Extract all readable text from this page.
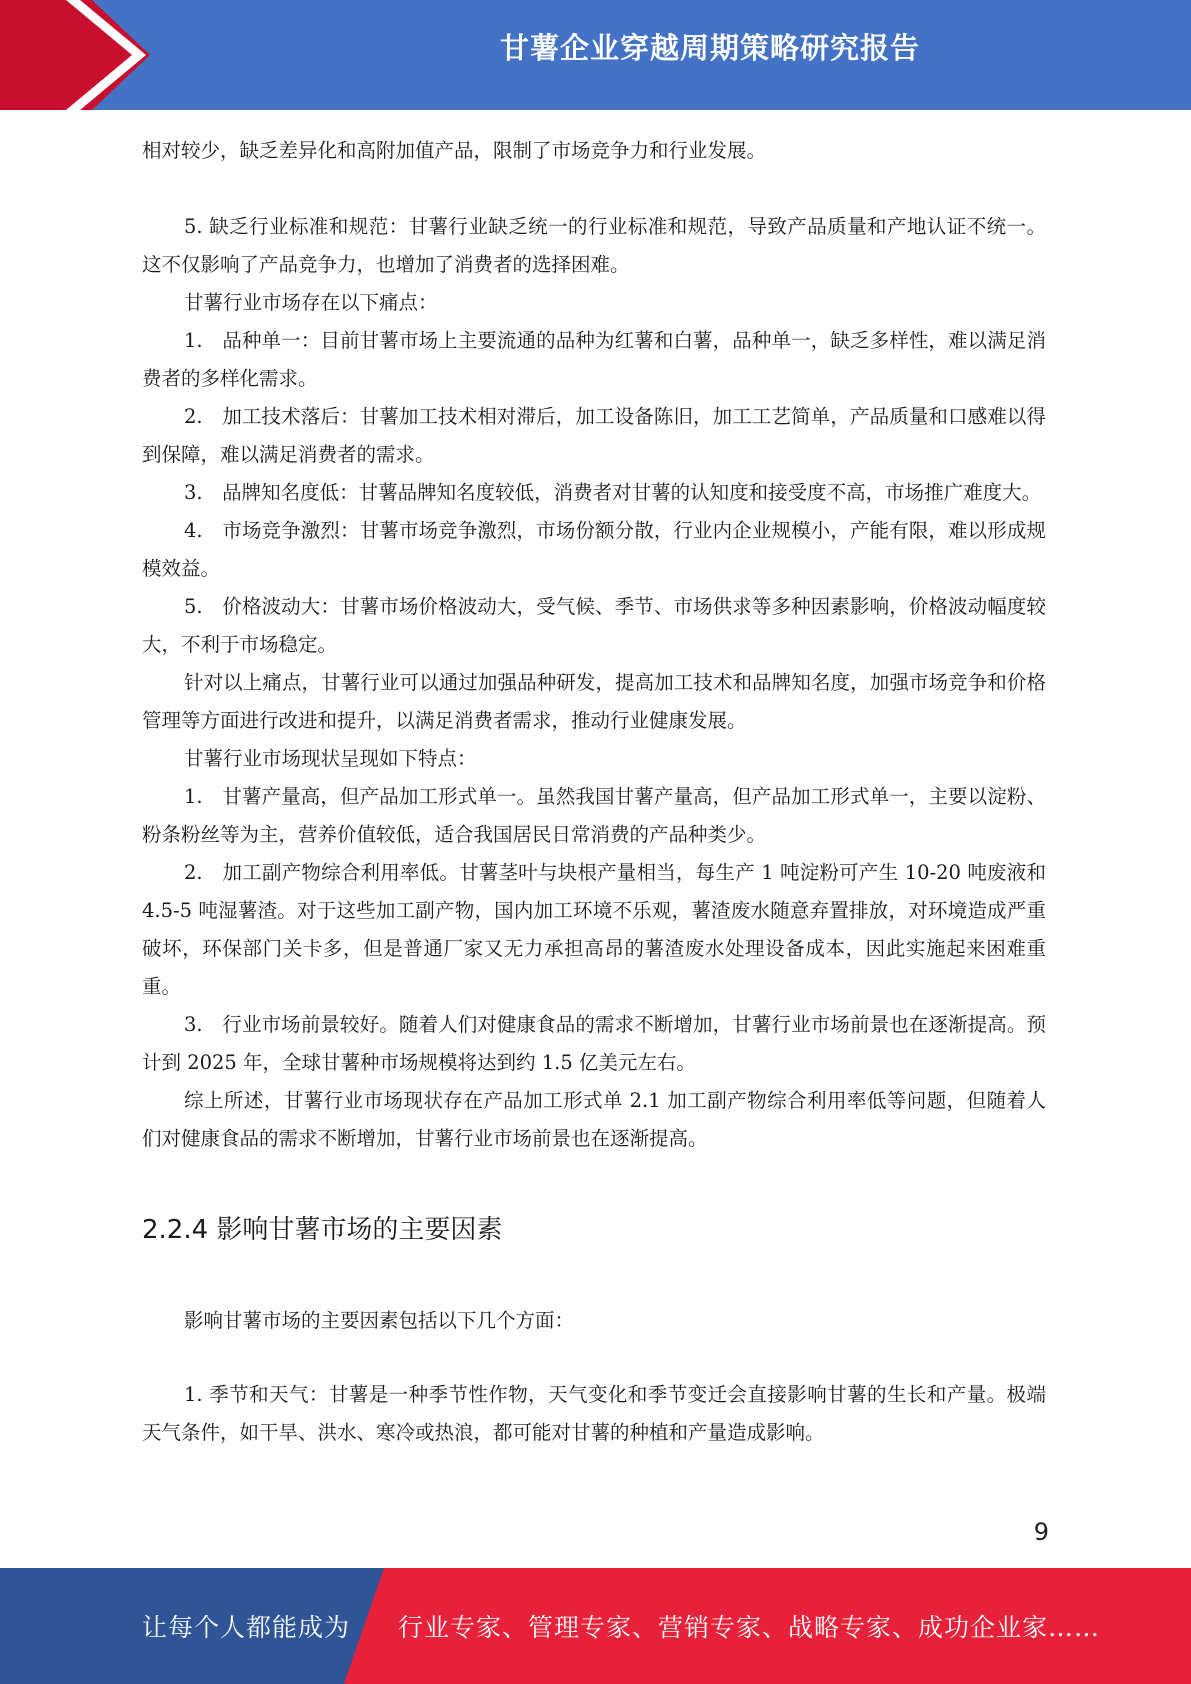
甘薯企业穿越周期策略研究报告

相对较少，缺乏差异化和高附加值产品，限制了市场竞争力和行业发展。

5. 缺乏行业标准和规范：甘薯行业缺乏统一的行业标准和规范，导致产品质量和产地认证不统一。这不仅影响了产品竞争力，也增加了消费者的选择困难。

甘薯行业市场存在以下痛点：

1.　品种单一：目前甘薯市场上主要流通的品种为红薯和白薯，品种单一，缺乏多样性，难以满足消费者的多样化需求。

2.　加工技术落后：甘薯加工技术相对滞后，加工设备陈旧，加工工艺简单，产品质量和口感难以得到保障，难以满足消费者的需求。

3.　品牌知名度低：甘薯品牌知名度较低，消费者对甘薯的认知度和接受度不高，市场推广难度大。

4.　市场竞争激烈：甘薯市场竞争激烈，市场份额分散，行业内企业规模小，产能有限，难以形成规模效益。

5.　价格波动大：甘薯市场价格波动大，受气候、季节、市场供求等多种因素影响，价格波动幅度较大，不利于市场稳定。

针对以上痛点，甘薯行业可以通过加强品种研发，提高加工技术和品牌知名度，加强市场竞争和价格管理等方面进行改进和提升，以满足消费者需求，推动行业健康发展。

甘薯行业市场现状呈现如下特点：

1.　甘薯产量高，但产品加工形式单一。虽然我国甘薯产量高，但产品加工形式单一，主要以淀粉、粉条粉丝等为主，营养价值较低，适合我国居民日常消费的产品种类少。

2.　加工副产物综合利用率低。甘薯茎叶与块根产量相当，每生产 1 吨淀粉可产生 10-20 吨废液和 4.5-5 吨湿薯渣。对于这些加工副产物，国内加工环境不乐观，薯渣废水随意弃置排放，对环境造成严重破坏，环保部门关卡多，但是普通厂家又无力承担高昂的薯渣废水处理设备成本，因此实施起来困难重重。

3.　行业市场前景较好。随着人们对健康食品的需求不断增加，甘薯行业市场前景也在逐渐提高。预计到 2025 年，全球甘薯种市场规模将达到约 1.5 亿美元左右。

综上所述，甘薯行业市场现状存在产品加工形式单 2.1 加工副产物综合利用率低等问题，但随着人们对健康食品的需求不断增加，甘薯行业市场前景也在逐渐提高。

2.2.4 影响甘薯市场的主要因素

影响甘薯市场的主要因素包括以下几个方面：

1. 季节和天气：甘薯是一种季节性作物，天气变化和季节变迁会直接影响甘薯的生长和产量。极端天气条件，如干旱、洪水、寒冷或热浪，都可能对甘薯的种植和产量造成影响。

9
让每个人都能成为 行业专家、管理专家、营销专家、战略专家、成功企业家……
